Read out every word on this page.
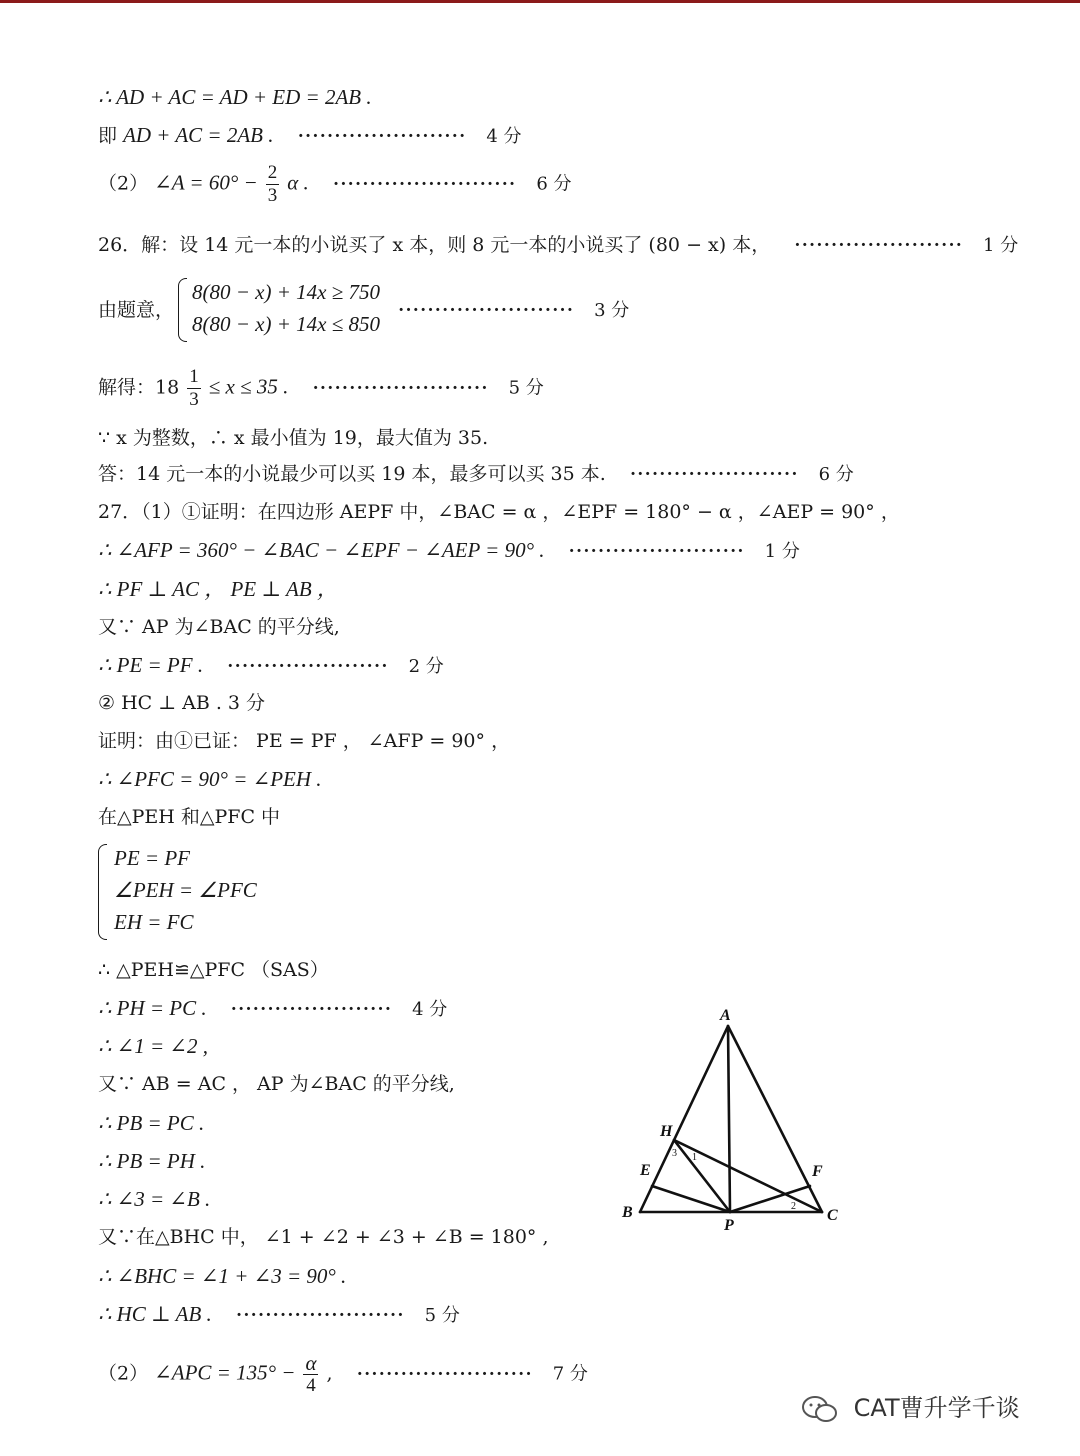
∴ AD + AC = AD + ED = 2AB .
即 AD + AC = 2AB . ······················· 4 分
（2） ∠A = $60^\circ - \frac{2}{3}$ α . ························· 6 分
26．解：设 14 元一本的小说买了 x 本，则 8 元一本的小说买了 (80 − x) 本， ······················· 1 分
由题意，
8(80 − x) + 14x ≥ 750
8(80 − x) + 14x ≤ 850
························ 3 分
解得：$18 \frac{1}{3} \le x \le 35$ . ························ 5 分
∵ x 为整数，∴ x 最小值为 19，最大值为 35.
答：14 元一本的小说最少可以买 19 本，最多可以买 35 本. ······················· 6 分
27．（1）①证明：在四边形 AEPF 中，∠BAC = α ，∠EPF = 180° − α ，∠AEP = 90° ，
∴ ∠AFP = 360° − ∠BAC − ∠EPF − ∠AEP = 90° . ························ 1 分
∴ PF ⊥ AC ， PE ⊥ AB ，
又∵ AP 为∠BAC 的平分线,
∴ PE = PF . ······················ 2 分
② HC ⊥ AB . 3 分
证明：由①已证： PE = PF ， ∠AFP = 90° ，
∴ ∠PFC = 90° = ∠PEH .
在△PEH 和△PFC 中
PE = PF
∠PEH = ∠PFC
EH = FC
∴ △PEH≌△PFC （SAS）
∴ PH = PC . ······················ 4 分
∴ ∠1 = ∠2 ,
又∵ AB = AC ， AP 为∠BAC 的平分线,
∴ PB = PC .
∴ PB = PH .
∴ ∠3 = ∠B .
又∵在△BHC 中， ∠1 + ∠2 + ∠3 + ∠B = 180° ,
∴ ∠BHC = ∠1 + ∠3 = 90° .
∴ HC ⊥ AB . ······················· 5 分
（2） ∠APC = $135^\circ - \frac{\alpha}{4}$ , ························ 7 分
A
B	C
E	F
H
P
1
2
3
CAT曹升学千谈
